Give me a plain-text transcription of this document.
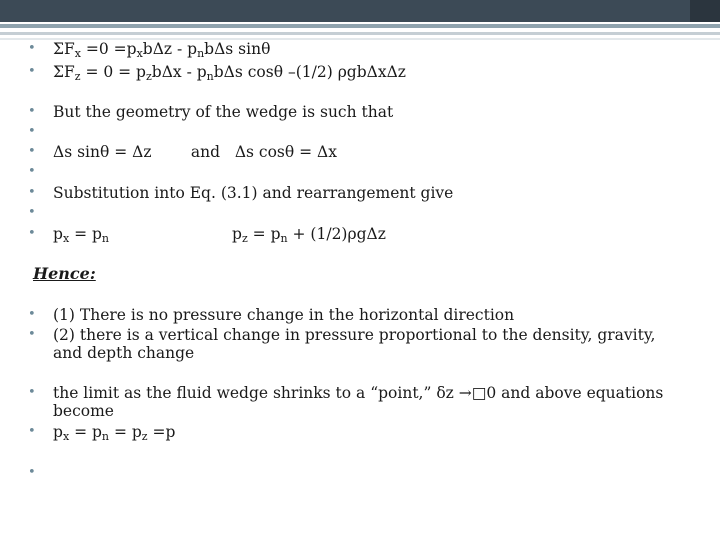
• $\Sigma F_x =0 =p_xb\Delta z - p_nb\Delta s$ sinθ
• $\Sigma F_z = 0 = p_zb\Delta x - p_nb\Delta s$ cosθ –(1/2) ρgbΔxΔz
• But the geometry of the wedge is such that
•
• Δs sinθ = Δz        and   Δs cosθ = Δx
•
• Substitution into Eq. (3.1) and rearrangement give
•
• $p_x = p_n$	$p_z = p_n + (1/2)\rho g\Delta z$
Hence:
• (1) There is no pressure change in the horizontal direction
• (2) there is a vertical change in pressure proportional to the density, gravity,
and depth change
• the limit as the fluid wedge shrinks to a “point,” δz →□0 and above equations
become
• $p_x = p_n = p_z =p$
•
